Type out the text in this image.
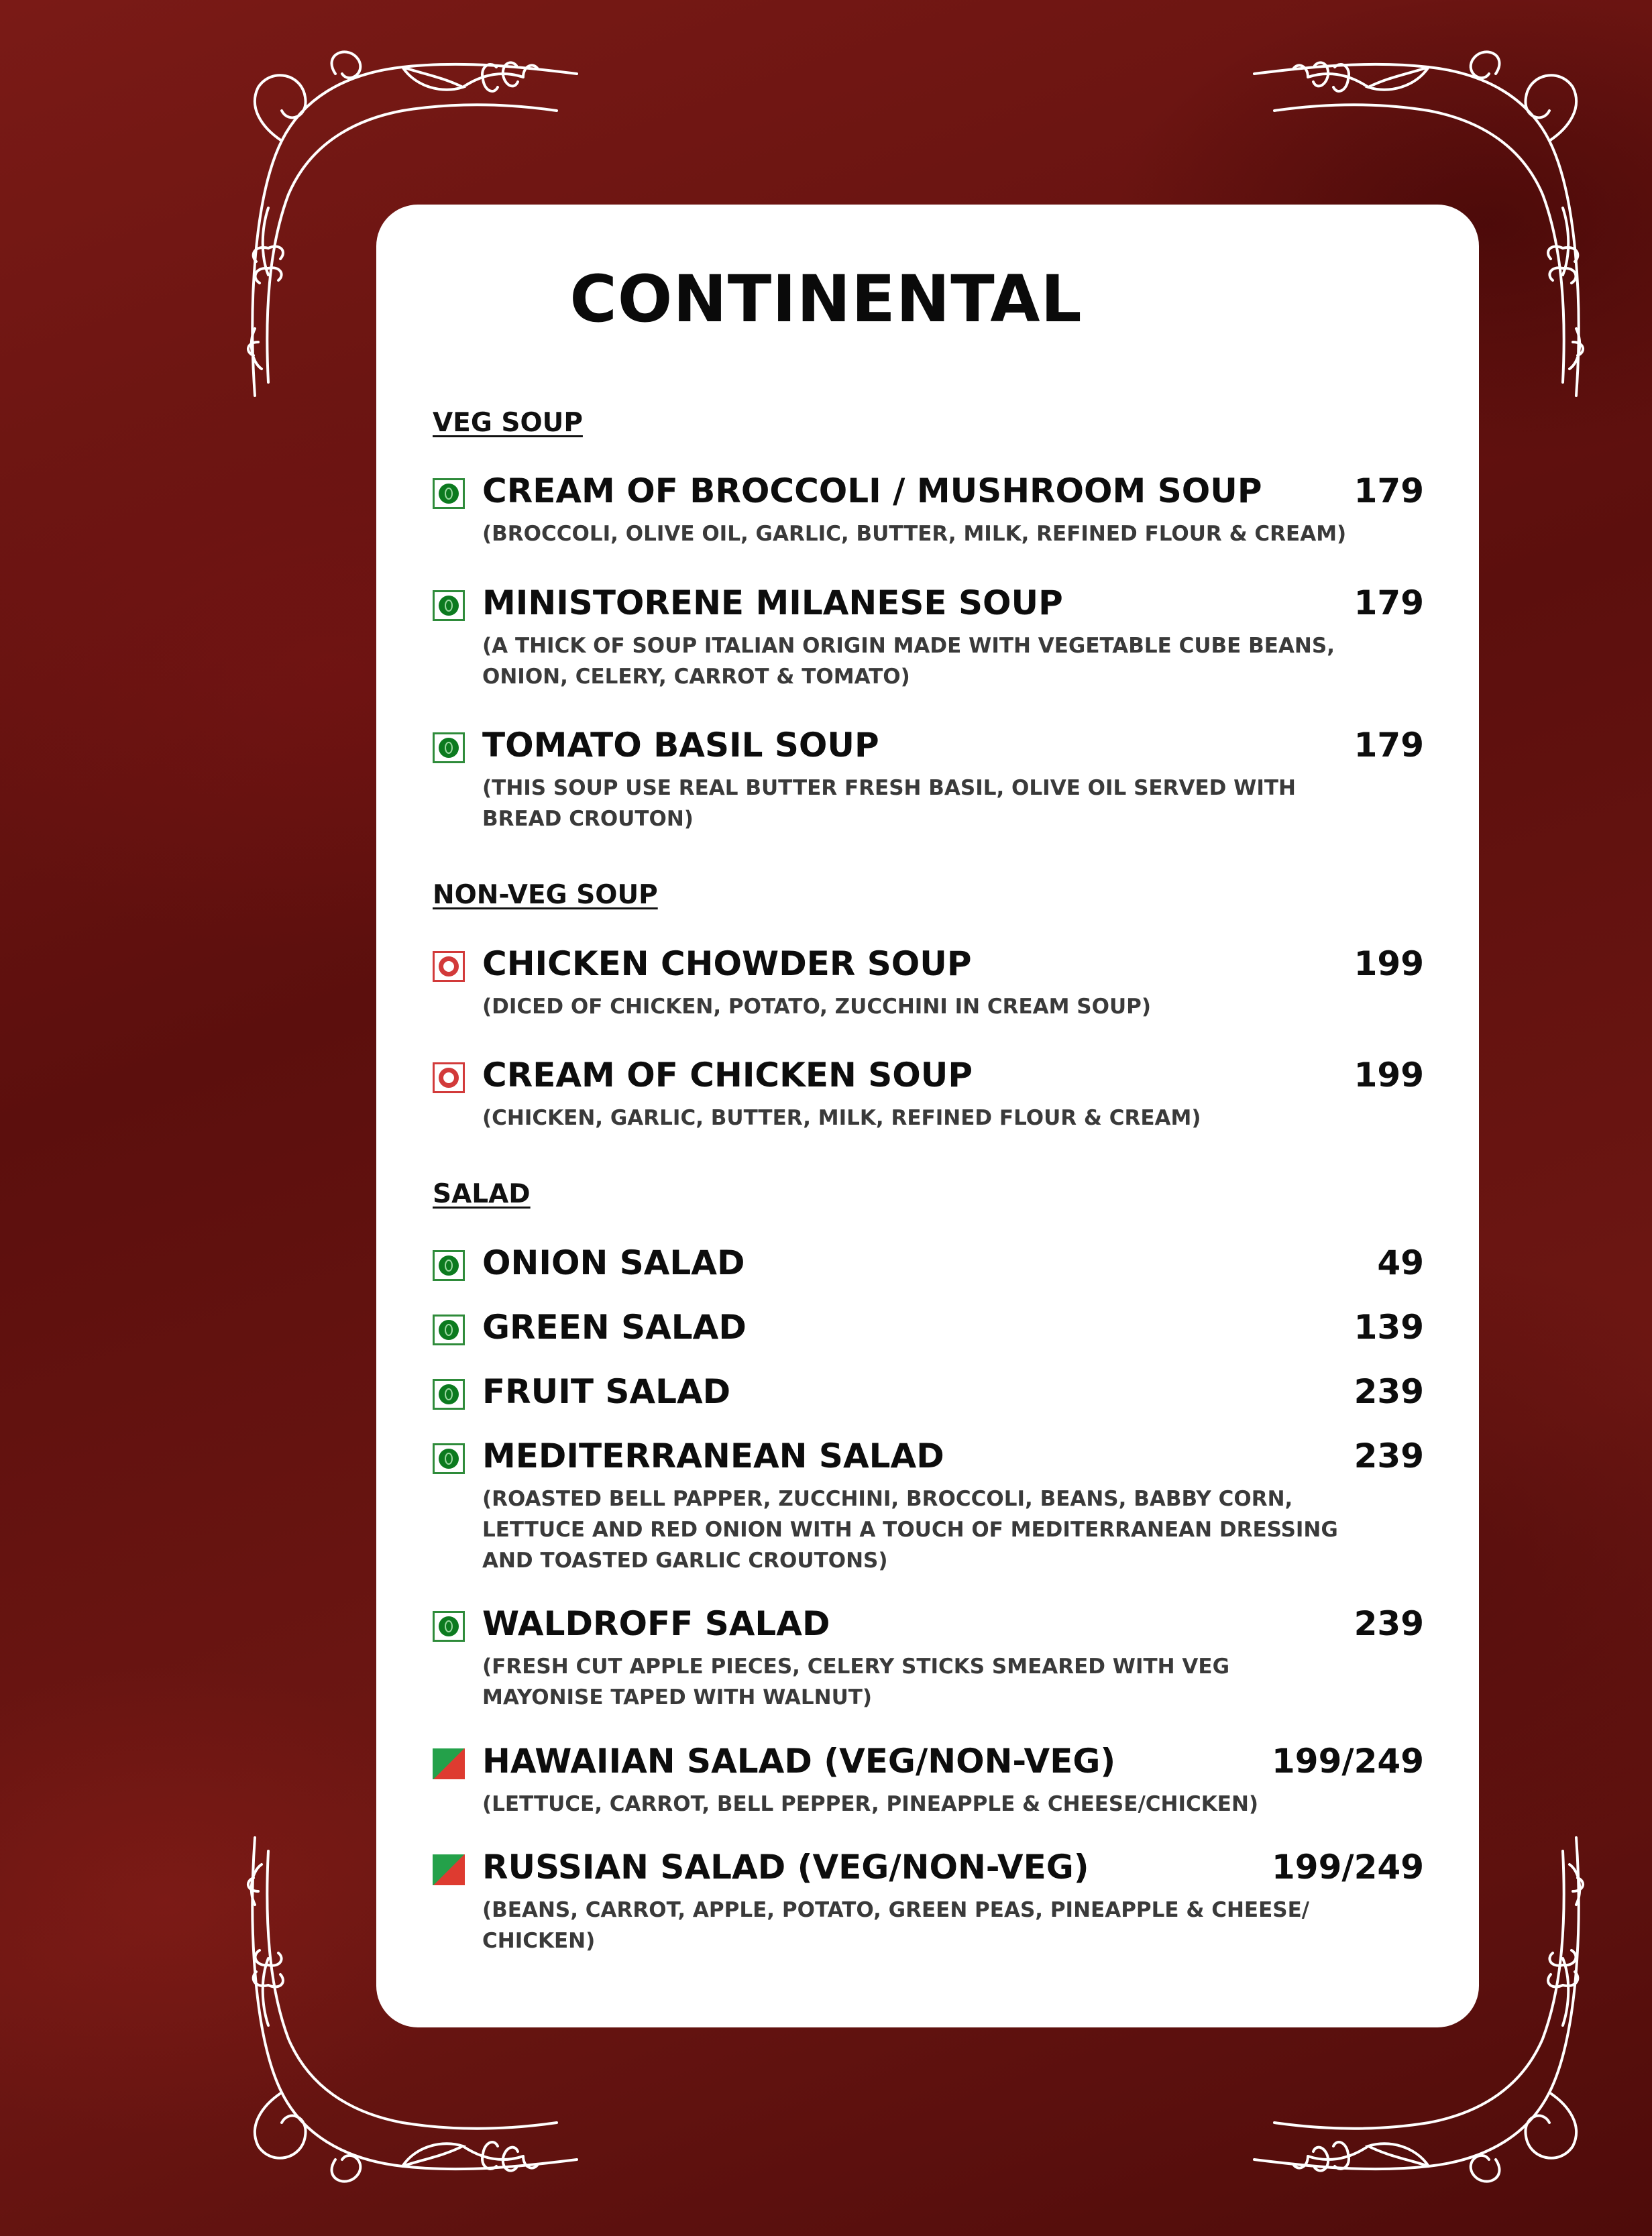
CONTINENTAL
VEG SOUP
CREAM OF BROCCOLI / MUSHROOM SOUP	179
(BROCCOLI, OLIVE OIL, GARLIC, BUTTER, MILK, REFINED FLOUR & CREAM)
MINISTORENE MILANESE SOUP	179
(A THICK OF SOUP ITALIAN ORIGIN MADE WITH VEGETABLE CUBE BEANS, ONION, CELERY, CARROT & TOMATO)
TOMATO BASIL SOUP	179
(THIS SOUP USE REAL BUTTER FRESH BASIL, OLIVE OIL SERVED WITH BREAD CROUTON)
NON-VEG SOUP
CHICKEN CHOWDER SOUP	199
(DICED OF CHICKEN, POTATO, ZUCCHINI IN CREAM SOUP)
CREAM OF CHICKEN SOUP	199
(CHICKEN, GARLIC, BUTTER, MILK, REFINED FLOUR & CREAM)
SALAD
ONION SALAD	49
GREEN SALAD	139
FRUIT SALAD	239
MEDITERRANEAN SALAD	239
(ROASTED BELL PAPPER, ZUCCHINI, BROCCOLI, BEANS, BABBY CORN, LETTUCE AND RED ONION WITH A TOUCH OF MEDITERRANEAN DRESSING AND TOASTED GARLIC CROUTONS)
WALDROFF SALAD	239
(FRESH CUT APPLE PIECES, CELERY STICKS SMEARED WITH VEG MAYONISE TAPED WITH WALNUT)
HAWAIIAN SALAD (VEG/NON-VEG)	199/249
(LETTUCE, CARROT, BELL PEPPER, PINEAPPLE & CHEESE/CHICKEN)
RUSSIAN SALAD (VEG/NON-VEG)	199/249
(BEANS, CARROT, APPLE, POTATO, GREEN PEAS, PINEAPPLE & CHEESE/ CHICKEN)
